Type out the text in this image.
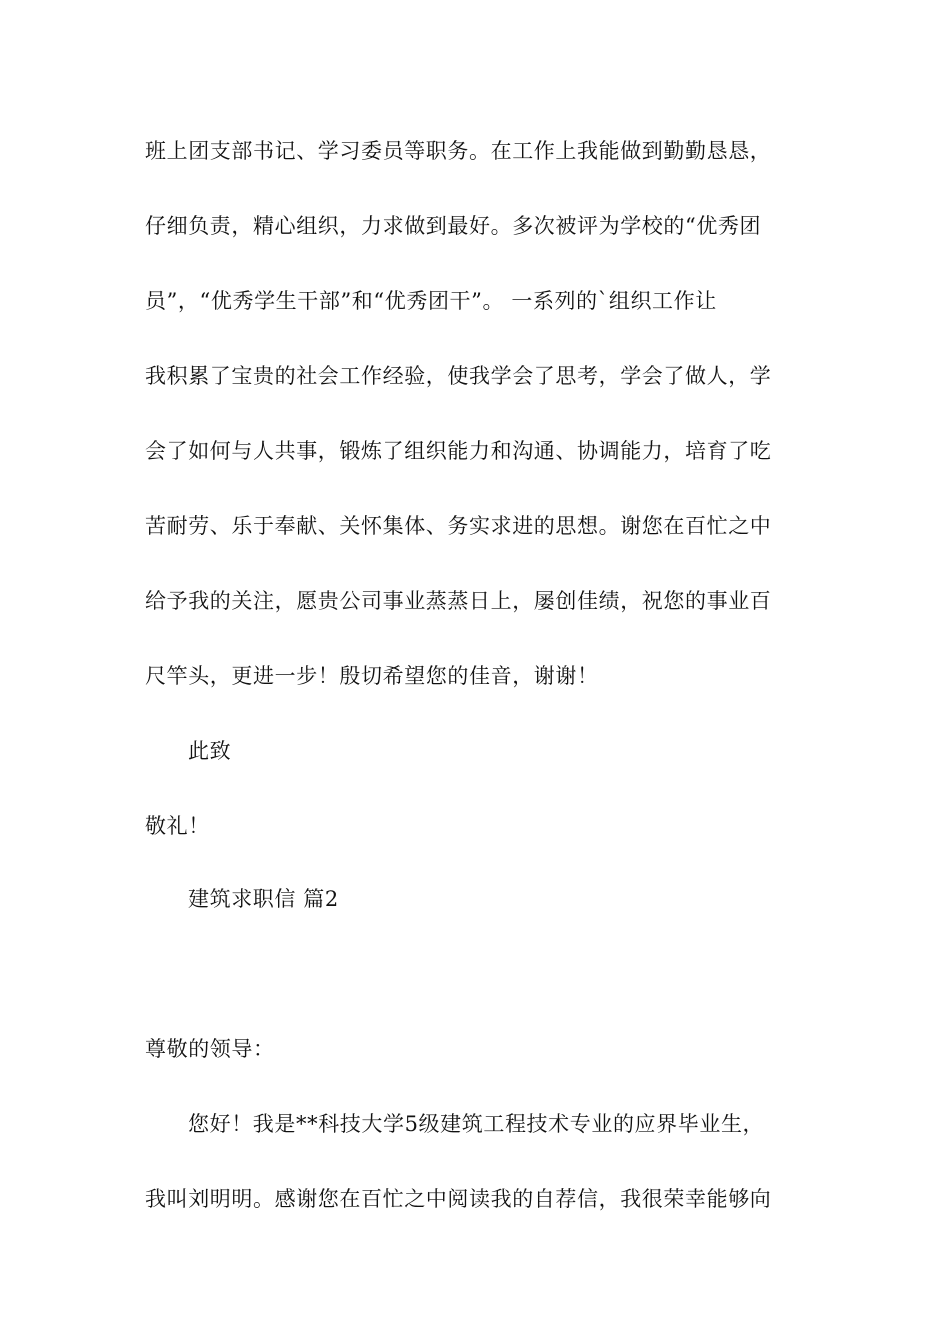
班上团支部书记、学习委员等职务。在工作上我能做到勤勤恳恳，
仔细负责，精心组织，力求做到最好。多次被评为学校的“优秀团
员”，“优秀学生干部”和“优秀团干”。 一系列的`组织工作让
我积累了宝贵的社会工作经验，使我学会了思考，学会了做人，学
会了如何与人共事，锻炼了组织能力和沟通、协调能力，培育了吃
苦耐劳、乐于奉献、关怀集体、务实求进的思想。谢您在百忙之中
给予我的关注，愿贵公司事业蒸蒸日上，屡创佳绩，祝您的事业百
尺竿头，更进一步！殷切希望您的佳音，谢谢！
此致
敬礼！
建筑求职信 篇2
尊敬的领导：
您好！我是**科技大学5级建筑工程技术专业的应界毕业生，
我叫刘明明。感谢您在百忙之中阅读我的自荐信，我很荣幸能够向
